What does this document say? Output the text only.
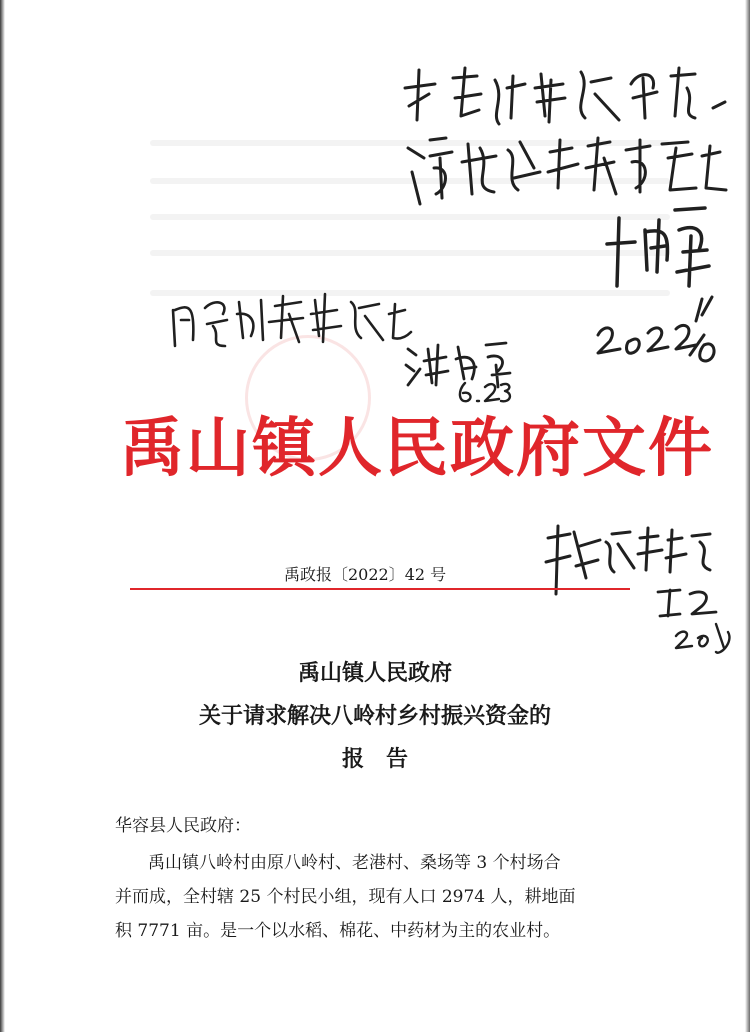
禹山镇人民政府文件
禹政报〔2022〕42 号
禹山镇人民政府
关于请求解决八岭村乡村振兴资金的
报　告
华容县人民政府：

禹山镇八岭村由原八岭村、老港村、桑场等 3 个村场合
并而成，全村辖 25 个村民小组，现有人口 2974 人，耕地面
积 7771 亩。是一个以水稻、棉花、中药材为主的农业村。
